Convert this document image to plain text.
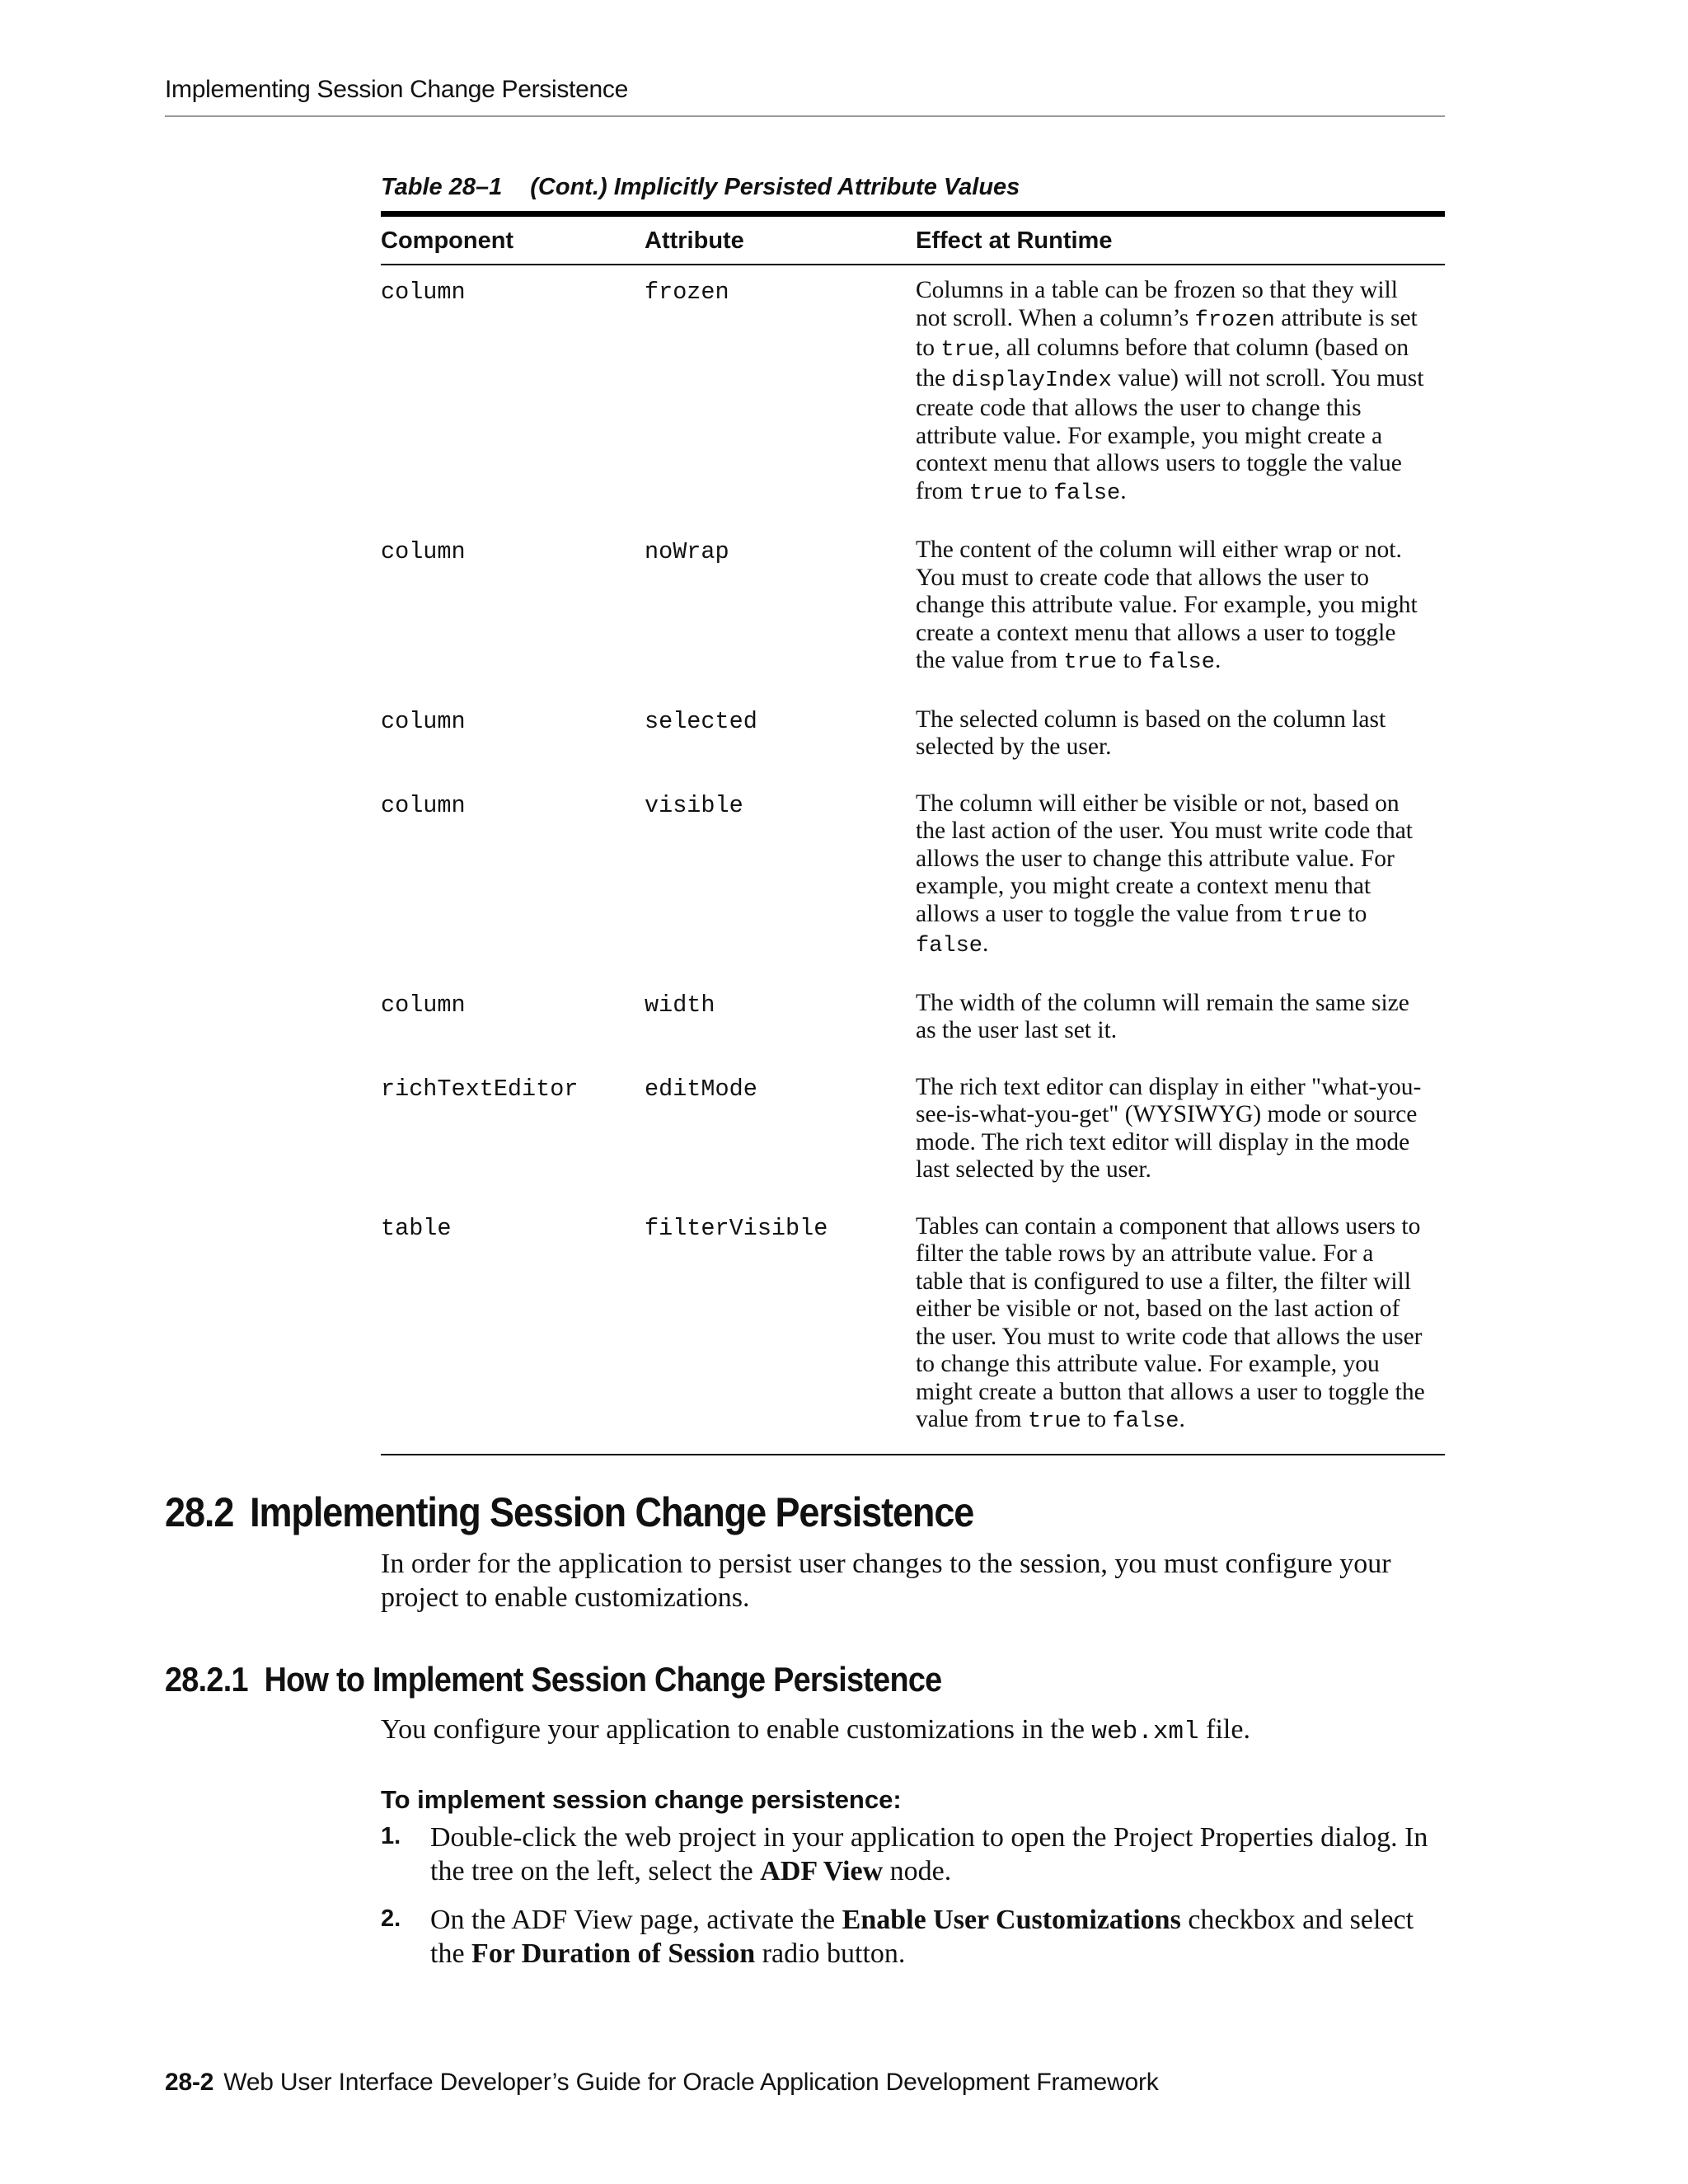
Implementing Session Change Persistence
Table 28–1 (Cont.) Implicitly Persisted Attribute Values
Component	Attribute	Effect at Runtime
column	frozen	Columns in a table can be frozen so that they will not scroll. When a column’s frozen attribute is set to true, all columns before that column (based on the displayIndex value) will not scroll. You must create code that allows the user to change this attribute value. For example, you might create a context menu that allows users to toggle the value from true to false.
column	noWrap	The content of the column will either wrap or not. You must to create code that allows the user to change this attribute value. For example, you might create a context menu that allows a user to toggle the value from true to false.
column	selected	The selected column is based on the column last selected by the user.
column	visible	The column will either be visible or not, based on the last action of the user. You must write code that allows the user to change this attribute value. For example, you might create a context menu that allows a user to toggle the value from true to false.
column	width	The width of the column will remain the same size as the user last set it.
richTextEditor	editMode	The rich text editor can display in either "what-you-see-is-what-you-get" (WYSIWYG) mode or source mode. The rich text editor will display in the mode last selected by the user.
table	filterVisible	Tables can contain a component that allows users to filter the table rows by an attribute value. For a table that is configured to use a filter, the filter will either be visible or not, based on the last action of the user. You must to write code that allows the user to change this attribute value. For example, you might create a button that allows a user to toggle the value from true to false.
28.2 Implementing Session Change Persistence
In order for the application to persist user changes to the session, you must configure your project to enable customizations.
28.2.1 How to Implement Session Change Persistence
You configure your application to enable customizations in the web.xml file.
To implement session change persistence:
1. Double-click the web project in your application to open the Project Properties dialog. In the tree on the left, select the ADF View node.
2. On the ADF View page, activate the Enable User Customizations checkbox and select the For Duration of Session radio button.
28-2 Web User Interface Developer’s Guide for Oracle Application Development Framework
